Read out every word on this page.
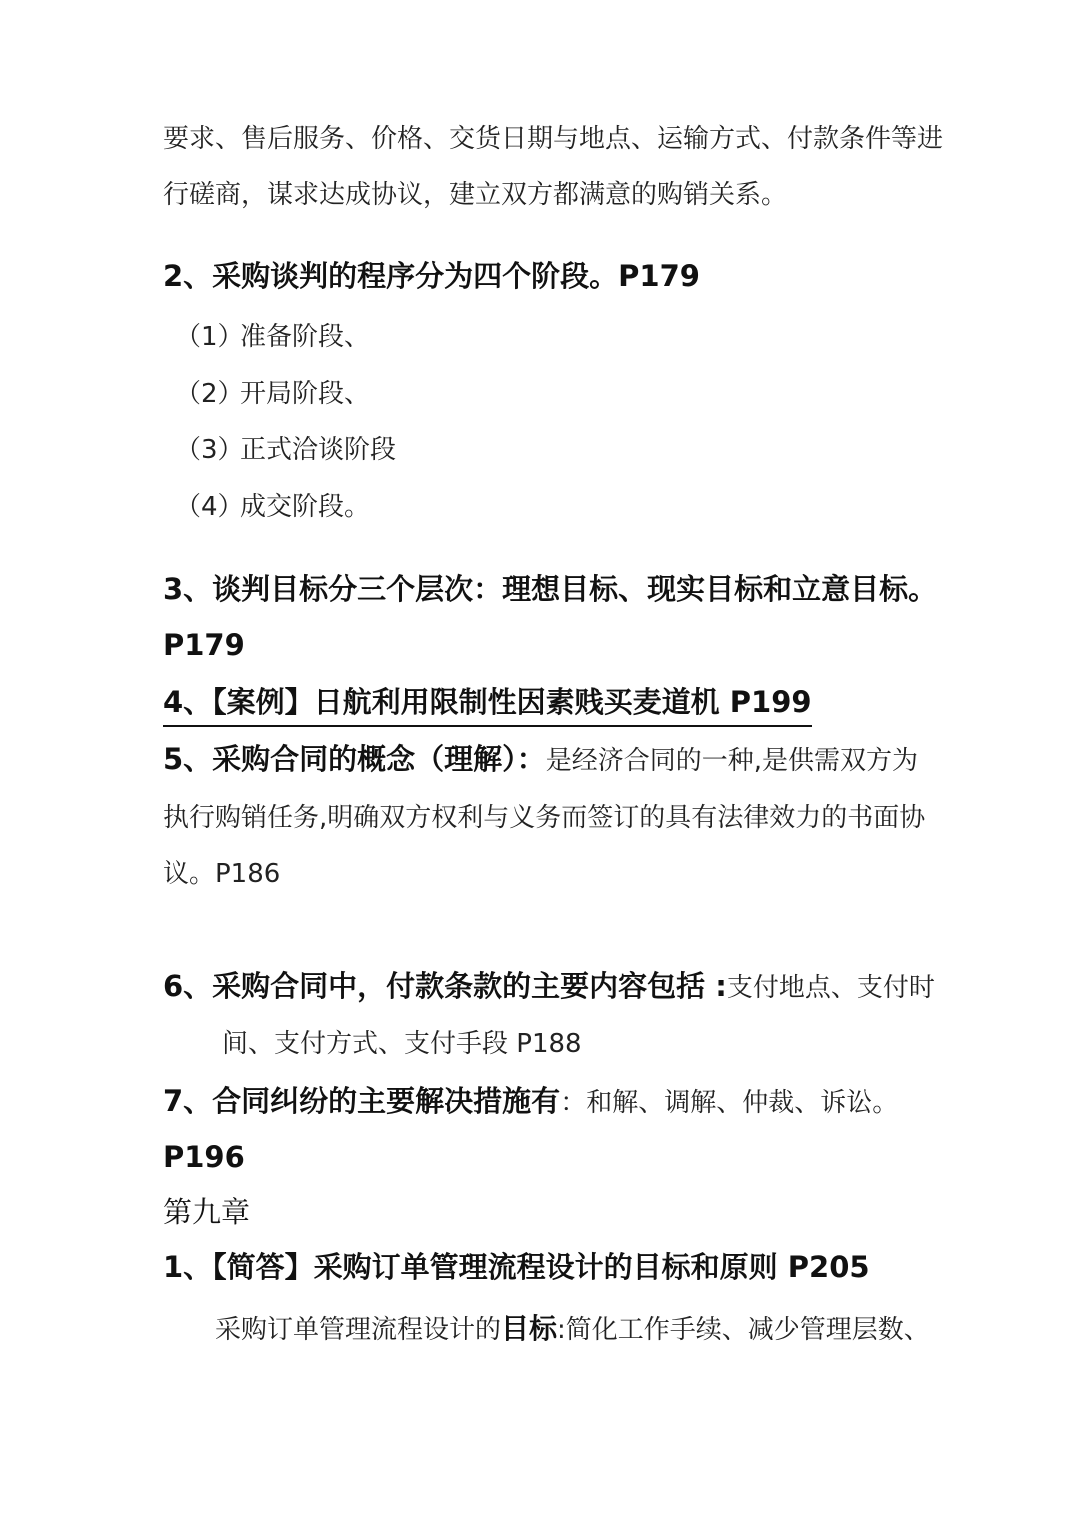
要求、售后服务、价格、交货日期与地点、运输方式、付款条件等进
行磋商，谋求达成协议，建立双方都满意的购销关系。
2、采购谈判的程序分为四个阶段。P179
（1）
准备阶段、
（2）
开局阶段、
（3）
正式洽谈阶段
（4）
成交阶段。
3、谈判目标分三个层次：理想目标、现实目标和立意目标。
P179
4、【案例】日航利用限制性因素贱买麦道机 P199
5、采购合同的概念（理解）：是经济合同的一种,是供需双方为
执行购销任务,明确双方权利与义务而签订的具有法律效力的书面协
议。P186
6、采购合同中，付款条款的主要内容包括 :支付地点、支付时
间、支付方式、支付手段 P188
7、合同纠纷的主要解决措施有：和解、调解、仲裁、诉讼。
P196
第九章
1、【简答】采购订单管理流程设计的目标和原则 P205
采购订单管理流程设计的目标:简化工作手续、减少管理层数、
